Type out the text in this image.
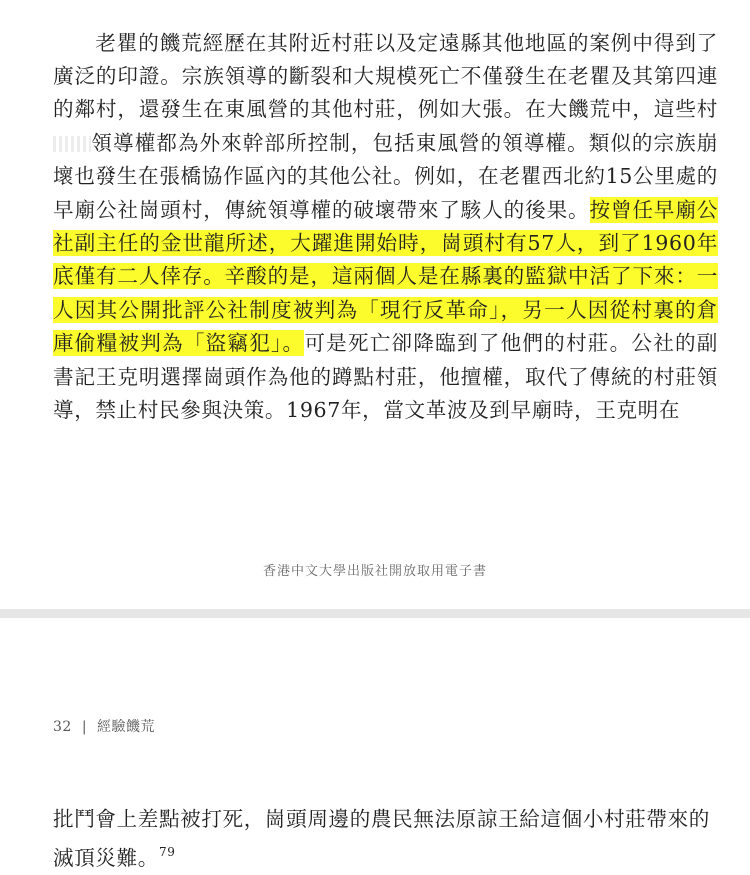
老瞿的饑荒經歷在其附近村莊以及定遠縣其他地區的案例中得到了廣泛的印證。宗族領導的斷裂和大規模死亡不僅發生在老瞿及其第四連的鄰村，還發生在東風營的其他村莊，例如大張。在大饑荒中，這些村領導權都為外來幹部所控制，包括東風營的領導權。類似的宗族崩壞也發生在張橋協作區內的其他公社。例如，在老瞿西北約15公里處的早廟公社崗頭村，傳統領導權的破壞帶來了駭人的後果。按曾任早廟公社副主任的金世龍所述，大躍進開始時，崗頭村有57人，到了1960年底僅有二人倖存。辛酸的是，這兩個人是在縣裏的監獄中活了下來：一人因其公開批評公社制度被判為「現行反革命」，另一人因從村裏的倉庫偷糧被判為「盜竊犯」。可是死亡卻降臨到了他們的村莊。公社的副書記王克明選擇崗頭作為他的蹲點村莊，他擅權，取代了傳統的村莊領導，禁止村民參與決策。1967年，當文革波及到早廟時，王克明在

香港中文大學出版社開放取用電子書
32 | 經驗饑荒

批鬥會上差點被打死，崗頭周邊的農民無法原諒王給這個小村莊帶來的滅頂災難。$^{79}$
